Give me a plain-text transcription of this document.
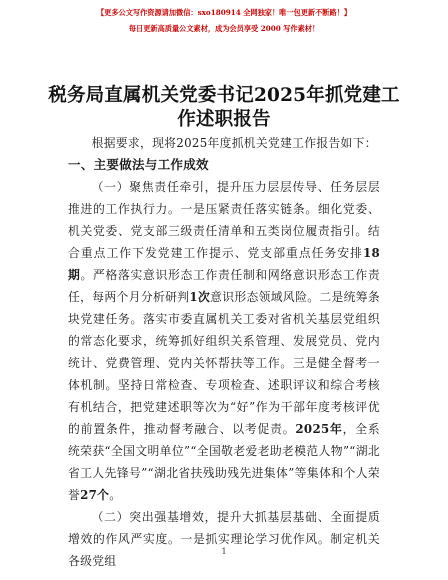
【更多公文写作资源请加微信：sxo180914 全网独家！唯一包更新不断路！】
每日更新高质量公文素材，成为会员享受 2000 写作素材！
税务局直属机关党委书记2025年抓党建工作述职报告

根据要求，现将2025年度抓机关党建工作报告如下：

一、主要做法与工作成效

（一）聚焦责任牵引，提升压力层层传导、任务层层推进的工作执行力。一是压紧责任落实链条。细化党委、机关党委、党支部三级责任清单和五类岗位履责指引。结合重点工作下发党建工作提示、党支部重点任务安排18期。严格落实意识形态工作责任制和网络意识形态工作责任，每两个月分析研判1次意识形态领域风险。二是统筹条块党建任务。落实市委直属机关工委对省机关基层党组织的常态化要求，统筹抓好组织关系管理、发展党员、党内统计、党费管理、党内关怀帮扶等工作。三是健全督考一体机制。坚持日常检查、专项检查、述职评议和综合考核有机结合，把党建述职等次为“好”作为干部年度考核评优的前置条件，推动督考融合、以考促责。2025年，全系统荣获“全国文明单位”“全国敬老爱老助老模范人物”“湖北省工人先锋号”“湖北省扶残助残先进集体”等集体和个人荣誉27个。

（二）突出强基增效，提升大抓基层基础、全面提质增效的作风严实度。一是抓实理论学习优作风。制定机关各级党组

1
